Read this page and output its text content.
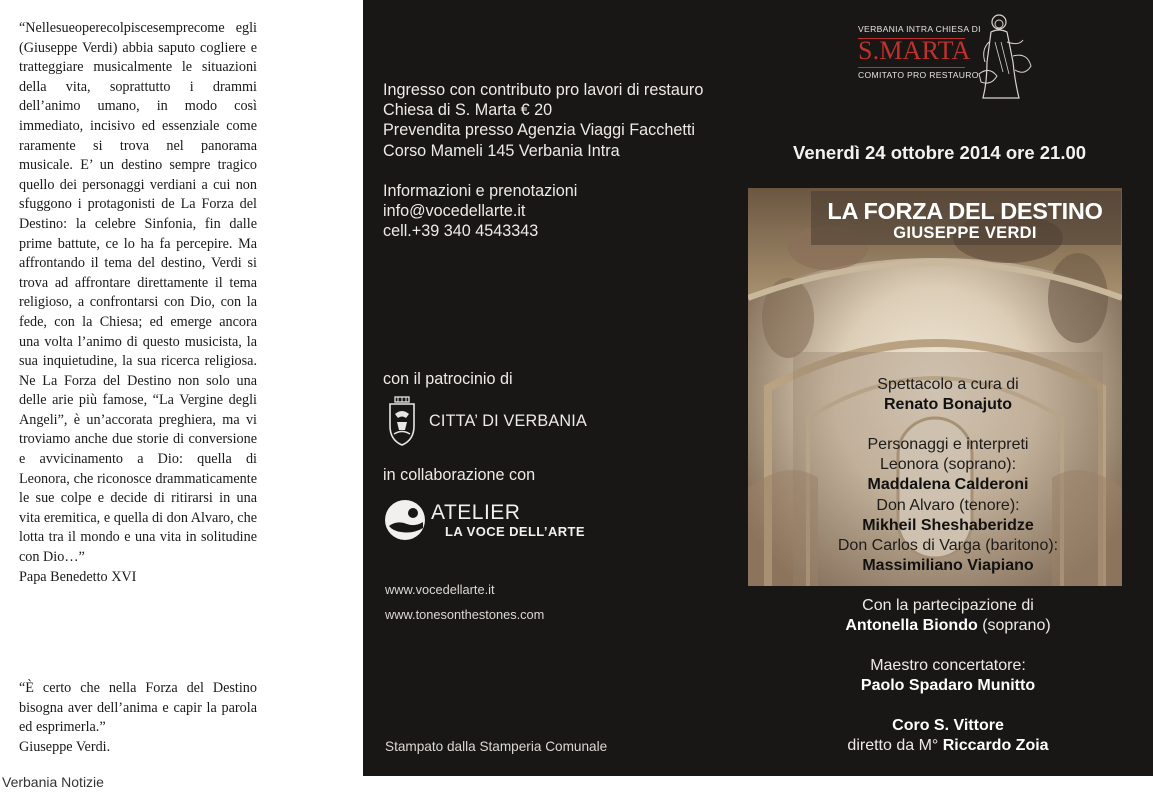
“Nellesueoperecolpiscesemprecome egli (Giuseppe Verdi) abbia saputo cogliere e tratteggiare musicalmente le situazioni della vita, soprattutto i drammi dell’animo umano, in modo così immediato, incisivo ed essenziale come raramente si trova nel panorama musicale. E’ un destino sempre tragico quello dei personaggi verdiani a cui non sfuggono i protagonisti de La Forza del Destino: la celebre Sinfonia, fin dalle prime battute, ce lo ha fa percepire. Ma affrontando il tema del destino, Verdi si trova ad affrontare direttamente il tema religioso, a confrontarsi con Dio, con la fede, con la Chiesa; ed emerge ancora una volta l’animo di questo musicista, la sua inquietudine, la sua ricerca religiosa. Ne La Forza del Destino non solo una delle arie più famose, “La Vergine degli Angeli”, è un’accorata preghiera, ma vi troviamo anche due storie di conversione e avvicinamento a Dio: quella di Leonora, che riconosce drammaticamente le sue colpe e decide di ritirarsi in una vita eremitica, e quella di don Alvaro, che lotta tra il mondo e una vita in solitudine con Dio…”
Papa Benedetto XVI
“È certo che nella Forza del Destino bisogna aver dell’anima e capir la parola ed esprimerla.”
Giuseppe Verdi.
Verbania Notizie
Ingresso con contributo pro lavori di restauro
Chiesa di S. Marta € 20
Prevendita presso Agenzia Viaggi Facchetti
Corso Mameli 145 Verbania Intra
Informazioni e prenotazioni
info@vocedellarte.it
cell.+39 340 4543343
con il patrocinio di
CITTA’ DI VERBANIA
in collaborazione con
ATELIER
LA VOCE DELL’ARTE
www.vocedellarte.it
www.tonesonthestones.com
Stampato dalla Stamperia Comunale
VERBANIA INTRA CHIESA DI
S.MARTA
COMITATO PRO RESTAURO
Venerdì 24 ottobre 2014 ore 21.00
LA FORZA DEL DESTINO
GIUSEPPE VERDI
Spettacolo a cura di
Renato Bonajuto
Personaggi e interpreti
Leonora (soprano):
Maddalena Calderoni
Don Alvaro (tenore):
Mikheil Sheshaberidze
Don Carlos di Varga (baritono):
Massimiliano Viapiano
Con la partecipazione di
Antonella Biondo (soprano)
Maestro concertatore:
Paolo Spadaro Munitto
Coro S. Vittore
diretto da M° Riccardo Zoia
